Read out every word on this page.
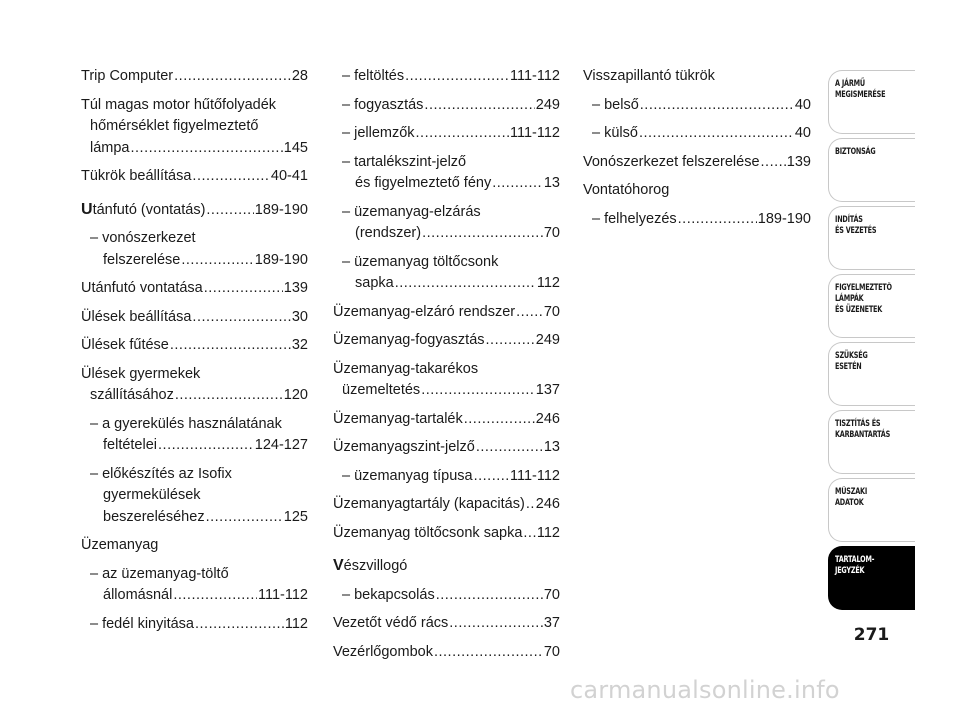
Trip Computer .....	28
Túl magas motor hűtőfolyadék
hőmérséklet figyelmeztető
lámpa .....	145
Tükrök beállítása .....	40-41
Utánfutó (vontatás) .....	189-190
– vonószerkezet
felszerelése .....	189-190
Utánfutó vontatása .....	139
Ülések beállítása .....	30
Ülések fűtése .....	32
Ülések gyermekek
szállításához .....	120
– a gyerekülés használatának
feltételei .....	124-127
– előkészítés az Isofix
gyermekülések
beszereléséhez .....	125
Üzemanyag
– az üzemanyag-töltő
állomásnál .....	111-112
– fedél kinyitása .....	112
– feltöltés .....	111-112
– fogyasztás .....	249
– jellemzők .....	111-112
– tartalékszint-jelző
és figyelmeztető fény .....	13
– üzemanyag-elzárás
(rendszer) .....	70
– üzemanyag töltőcsonk
sapka .....	112
Üzemanyag-elzáró rendszer ..... 70
Üzemanyag-fogyasztás .....	249
Üzemanyag-takarékos
üzemeltetés .....	137
Üzemanyag-tartalék .....	246
Üzemanyagszint-jelző .....	13
– üzemanyag típusa .....	111-112
Üzemanyagtartály (kapacitás) ..... 246
Üzemanyag töltőcsonk sapka ..... 112
Vészvillogó
– bekapcsolás .....	70
Vezetőt védő rács .....	37
Vezérlőgombok .....	70
Visszapillantó tükrök
– belső .....	40
– külső .....	40
Vonószerkezet felszerelése ..... 139
Vontatóhorog
– felhelyezés .....	189-190
A JÁRMŰ
MEGISMERÉSE
BIZTONSÁG
INDÍTÁS
ÉS VEZETÉS
FIGYELMEZTETŐ
LÁMPÁK
ÉS ÜZENETEK
SZÜKSÉG
ESETÉN
TISZTÍTÁS ÉS
KARBANTARTÁS
MŰSZAKI
ADATOK
TARTALOM-
JEGYZÉK
271
carmanualsonline.info
